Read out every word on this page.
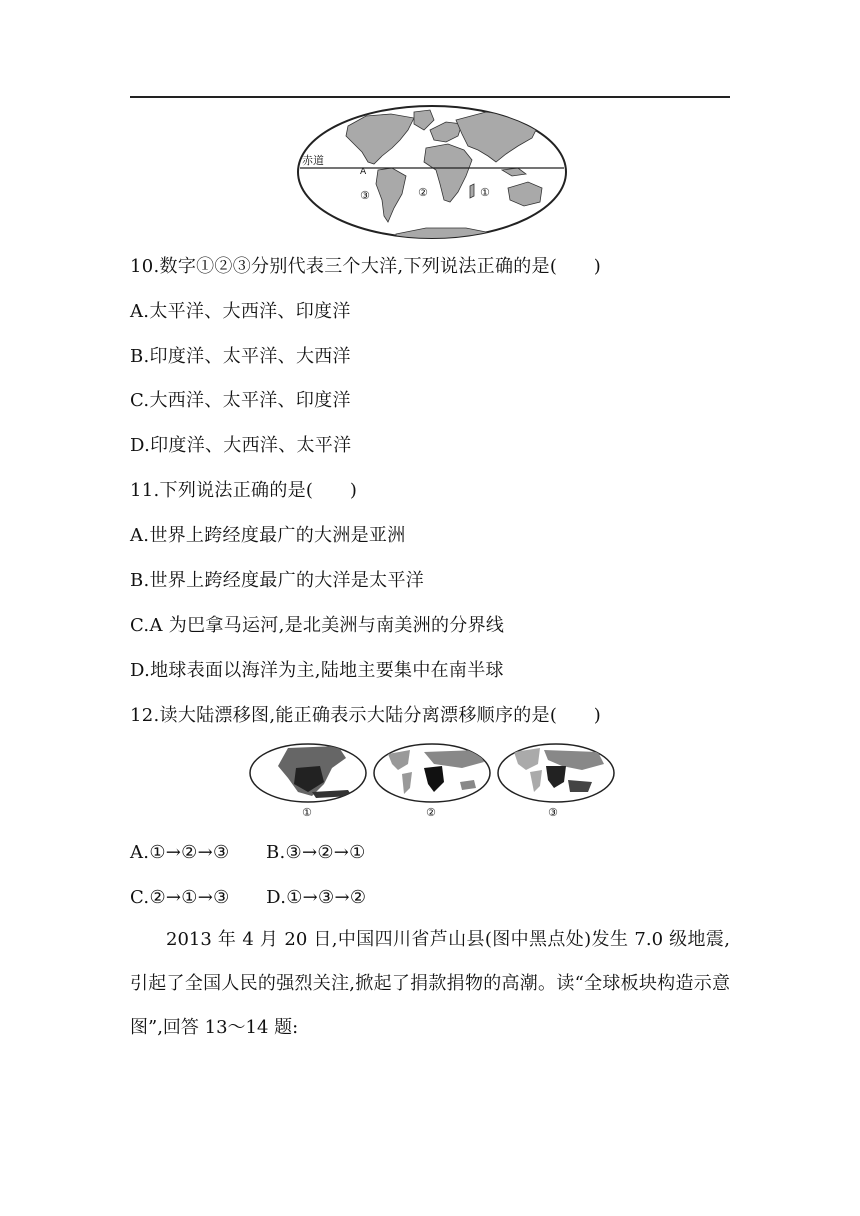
赤道
A
③	②	①
10.数字①②③分别代表三个大洋,下列说法正确的是(　　)
A.太平洋、大西洋、印度洋
B.印度洋、太平洋、大西洋
C.大西洋、太平洋、印度洋
D.印度洋、大西洋、太平洋
11.下列说法正确的是(　　)
A.世界上跨经度最广的大洲是亚洲
B.世界上跨经度最广的大洋是太平洋
C.A 为巴拿马运河,是北美洲与南美洲的分界线
D.地球表面以海洋为主,陆地主要集中在南半球
12.读大陆漂移图,能正确表示大陆分离漂移顺序的是(　　)
①	②	③
A.①→②→③　　B.③→②→①
C.②→①→③　　D.①→③→②
2013 年 4 月 20 日,中国四川省芦山县(图中黑点处)发生 7.0 级地震,引起了全国人民的强烈关注,掀起了捐款捐物的高潮。读“全球板块构造示意图”,回答 13～14 题:
